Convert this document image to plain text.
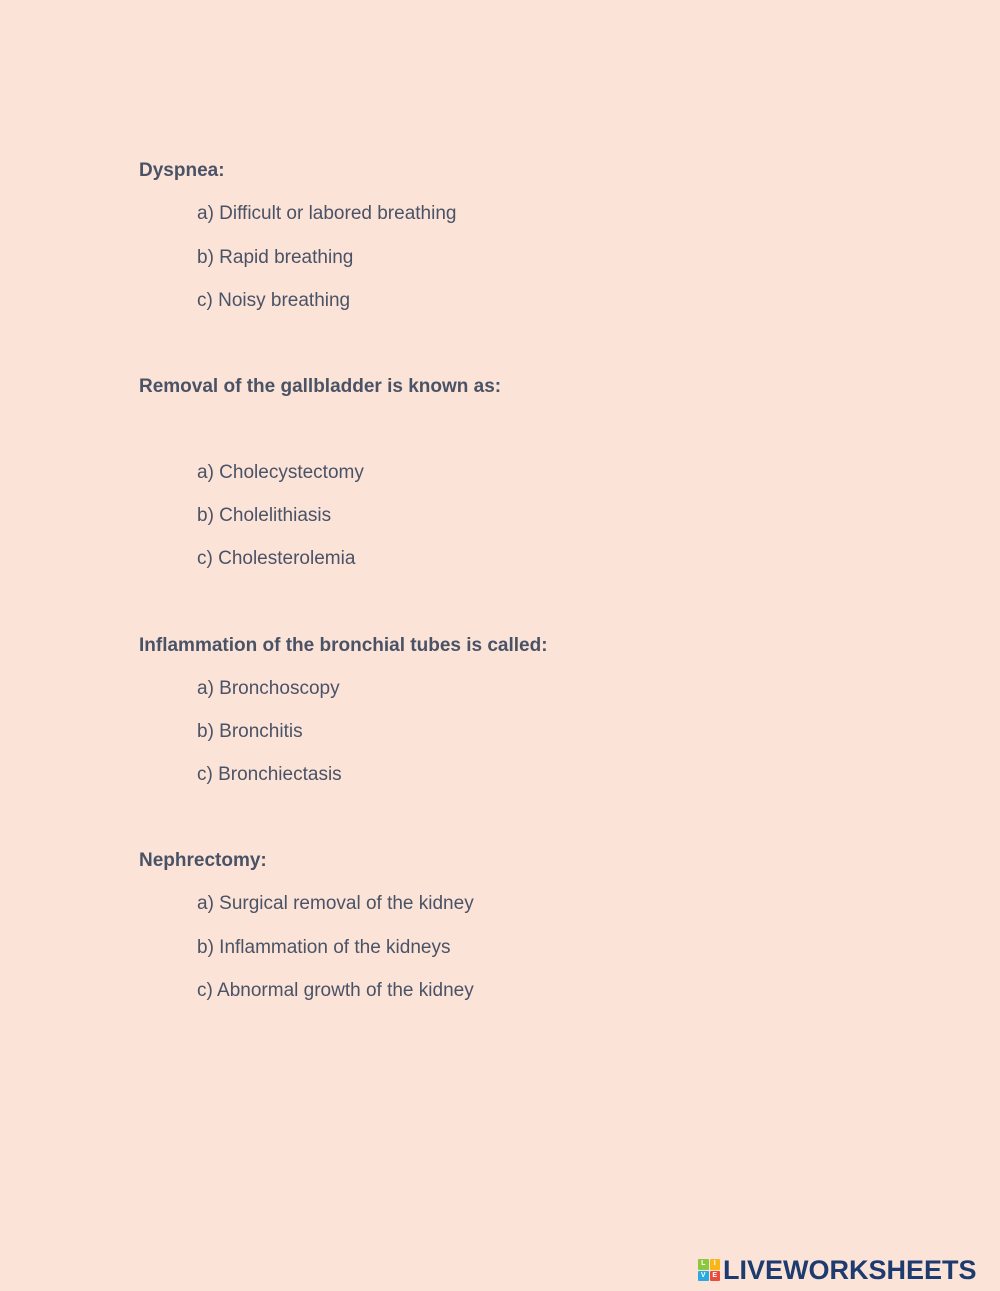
Dyspnea:

a) Difficult or labored breathing

b) Rapid breathing

c) Noisy breathing

Removal of the gallbladder is known as:

a) Cholecystectomy

b) Cholelithiasis

c) Cholesterolemia

Inflammation of the bronchial tubes is called:

a) Bronchoscopy

b) Bronchitis

c) Bronchiectasis

Nephrectomy:

a) Surgical removal of the kidney

b) Inflammation of the kidneys

c) Abnormal growth of the kidney

L	I
V E LIVEWORKSHEETS
